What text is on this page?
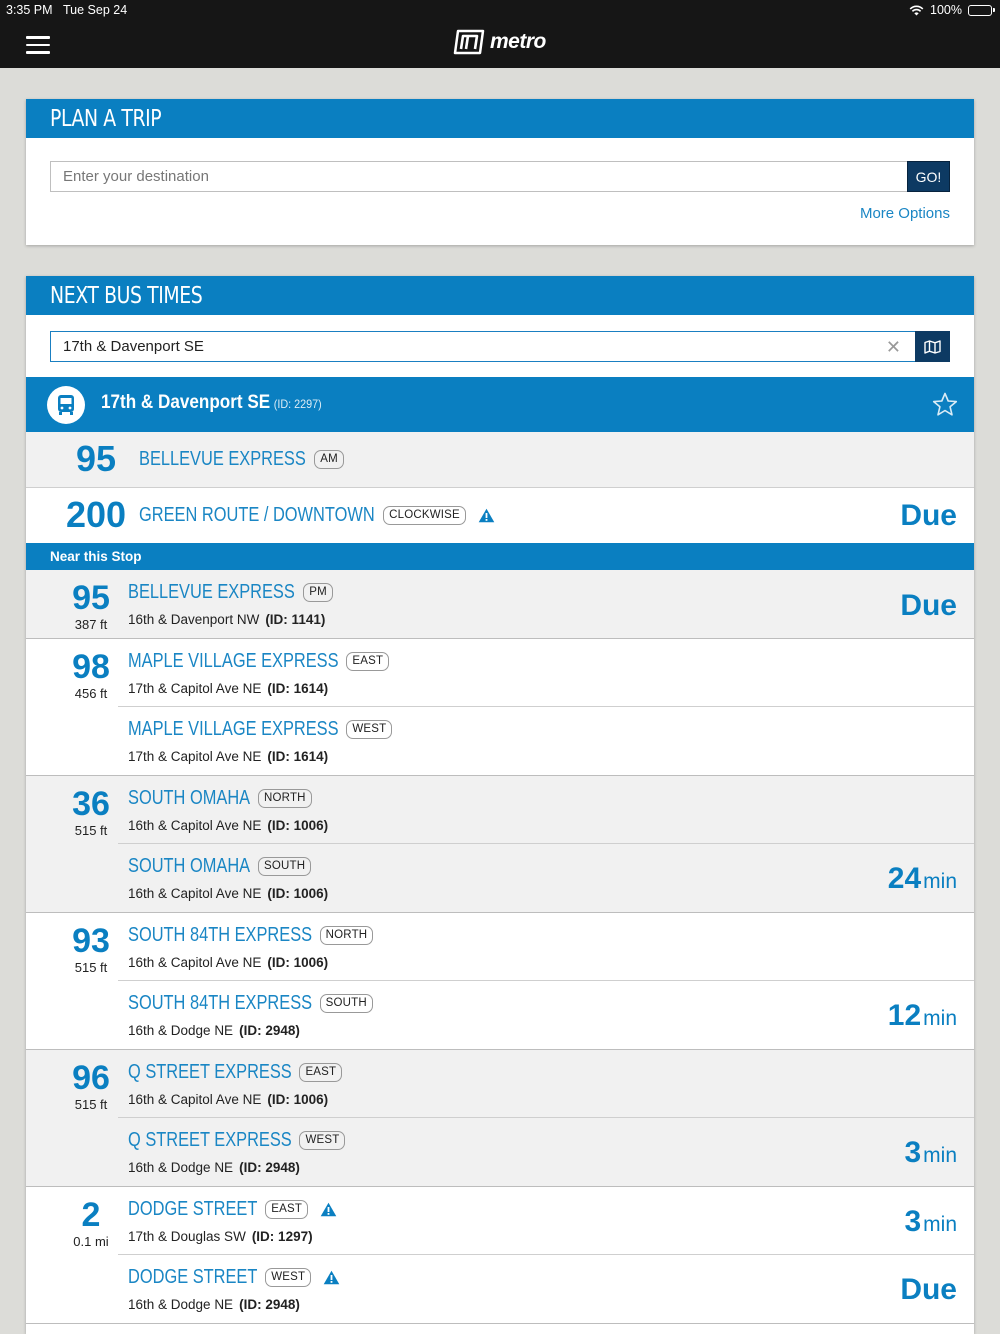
3:35 PM Tue Sep 24	100%
metro
PLAN A TRIP
Enter your destination	GO!
More Options
NEXT BUS TIMES
17th & Davenport SE	✕
17th & Davenport SE (ID: 2297)
95	BELLEVUE EXPRESS	AM
200 GREEN ROUTE / DOWNTOWN	CLOCKWISE	Due
Near this Stop
95
387 ft
BELLEVUE EXPRESS	PM
16th & Davenport NW (ID: 1141)	Due
98
456 ft
MAPLE VILLAGE EXPRESS	EAST
17th & Capitol Ave NE (ID: 1614)
MAPLE VILLAGE EXPRESS	WEST
17th & Capitol Ave NE (ID: 1614)
36
515 ft
SOUTH OMAHA	NORTH
16th & Capitol Ave NE (ID: 1006)
SOUTH OMAHA	SOUTH
16th & Capitol Ave NE (ID: 1006)	24min
93
515 ft
SOUTH 84TH EXPRESS	NORTH
16th & Capitol Ave NE (ID: 1006)
SOUTH 84TH EXPRESS	SOUTH
16th & Dodge NE (ID: 2948)	12min
96
515 ft
Q STREET EXPRESS	EAST
16th & Capitol Ave NE (ID: 1006)
Q STREET EXPRESS	WEST
16th & Dodge NE (ID: 2948)	3min
2
0.1 mi
DODGE STREET	EAST
17th & Douglas SW (ID: 1297)	3min
DODGE STREET	WEST
16th & Dodge NE (ID: 2948)	Due
